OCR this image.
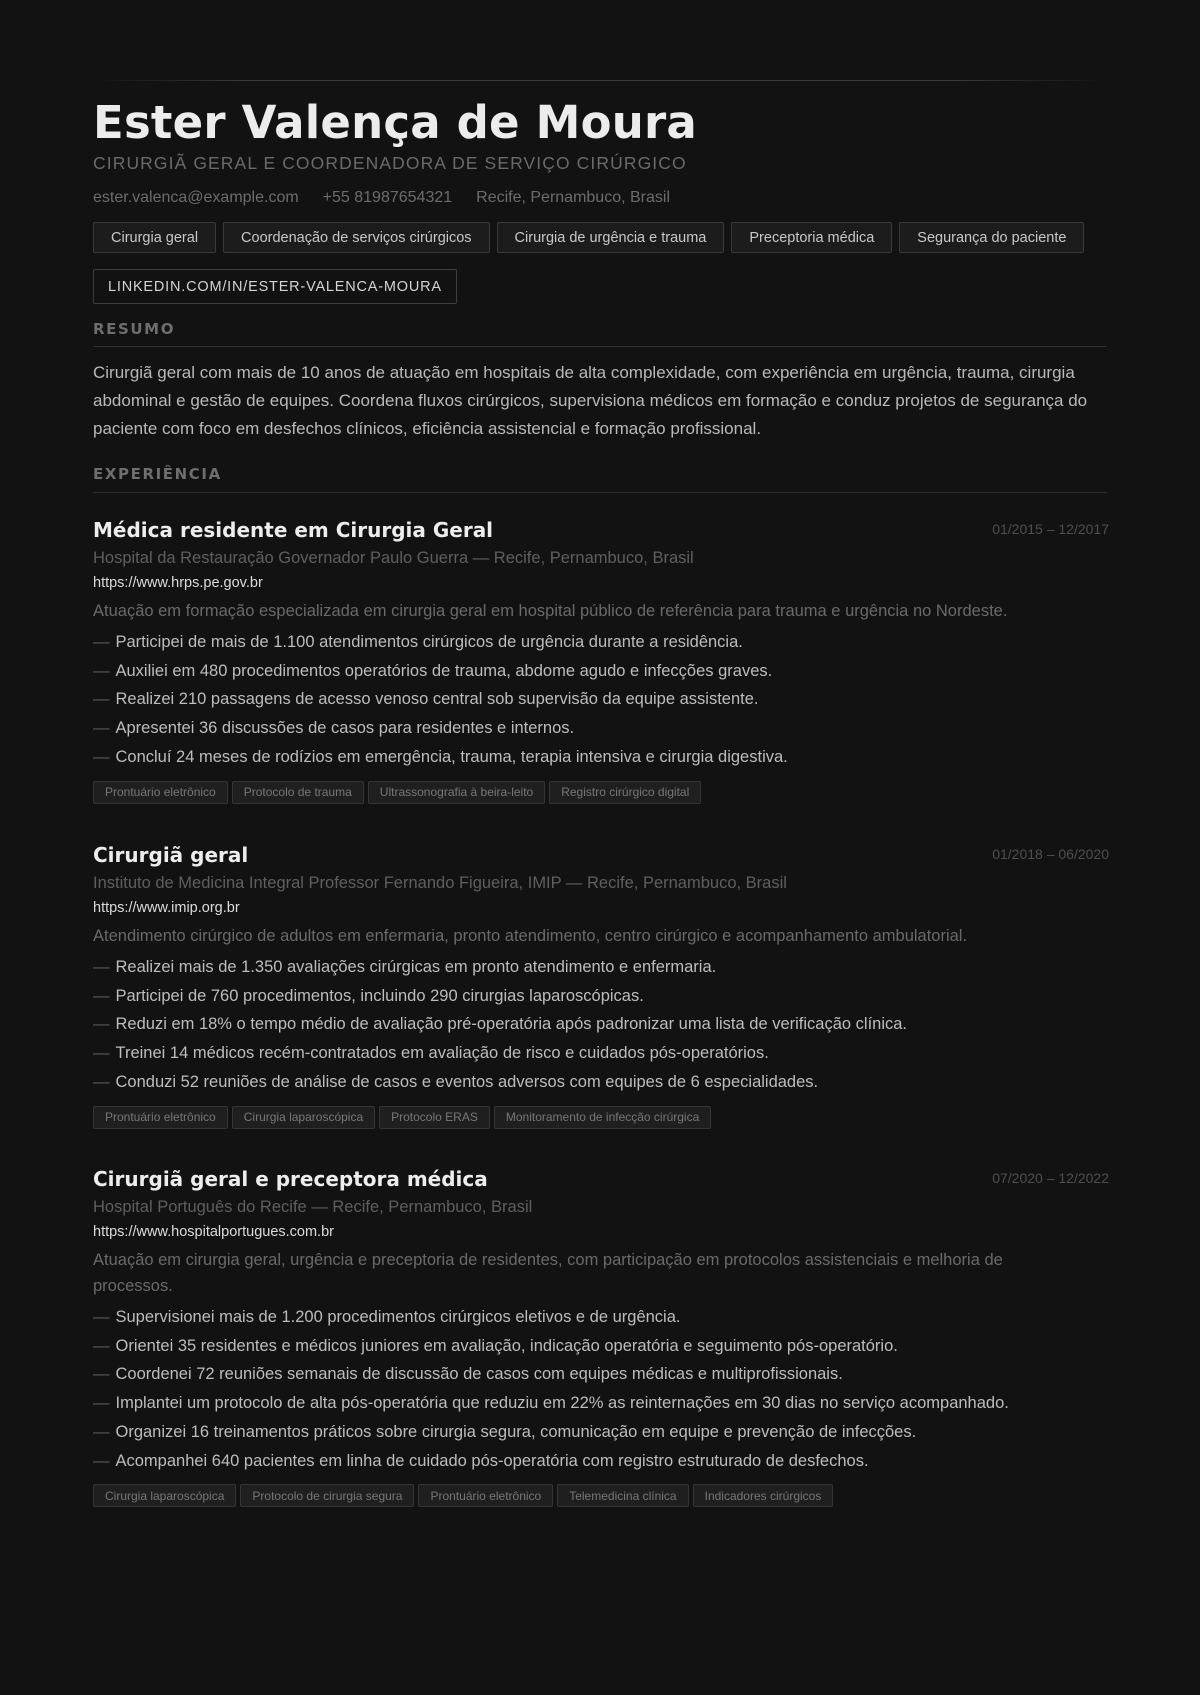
Ester Valença de Moura
CIRURGIÃ GERAL E COORDENADORA DE SERVIÇO CIRÚRGICO
ester.valenca@example.com +55 81987654321 Recife, Pernambuco, Brasil
Cirurgia geral	Coordenação de serviços cirúrgicos	Cirurgia de urgência e trauma	Preceptoria médica	Segurança do paciente
LINKEDIN.COM/IN/ESTER-VALENCA-MOURA
RESUMO

Cirurgiã geral com mais de 10 anos de atuação em hospitais de alta complexidade, com experiência em urgência, trauma, cirurgia abdominal e gestão de equipes. Coordena fluxos cirúrgicos, supervisiona médicos em formação e conduz projetos de segurança do paciente com foco em desfechos clínicos, eficiência assistencial e formação profissional.

EXPERIÊNCIA
Médica residente em Cirurgia Geral	01/2015 – 12/2017
Hospital da Restauração Governador Paulo Guerra — Recife, Pernambuco, Brasil
https://www.hrps.pe.gov.br
Atuação em formação especializada em cirurgia geral em hospital público de referência para trauma e urgência no Nordeste.
— Participei de mais de 1.100 atendimentos cirúrgicos de urgência durante a residência.
— Auxiliei em 480 procedimentos operatórios de trauma, abdome agudo e infecções graves.
— Realizei 210 passagens de acesso venoso central sob supervisão da equipe assistente.
— Apresentei 36 discussões de casos para residentes e internos.
— Concluí 24 meses de rodízios em emergência, trauma, terapia intensiva e cirurgia digestiva.
Prontuário eletrônico	Protocolo de trauma	Ultrassonografia à beira-leito	Registro cirúrgico digital
Cirurgiã geral	01/2018 – 06/2020
Instituto de Medicina Integral Professor Fernando Figueira, IMIP — Recife, Pernambuco, Brasil
https://www.imip.org.br
Atendimento cirúrgico de adultos em enfermaria, pronto atendimento, centro cirúrgico e acompanhamento ambulatorial.
— Realizei mais de 1.350 avaliações cirúrgicas em pronto atendimento e enfermaria.
— Participei de 760 procedimentos, incluindo 290 cirurgias laparoscópicas.
— Reduzi em 18% o tempo médio de avaliação pré-operatória após padronizar uma lista de verificação clínica.
— Treinei 14 médicos recém-contratados em avaliação de risco e cuidados pós-operatórios.
— Conduzi 52 reuniões de análise de casos e eventos adversos com equipes de 6 especialidades.
Prontuário eletrônico	Cirurgia laparoscópica	Protocolo ERAS	Monitoramento de infecção cirúrgica
Cirurgiã geral e preceptora médica	07/2020 – 12/2022
Hospital Português do Recife — Recife, Pernambuco, Brasil
https://www.hospitalportugues.com.br
Atuação em cirurgia geral, urgência e preceptoria de residentes, com participação em protocolos assistenciais e melhoria de processos.
— Supervisionei mais de 1.200 procedimentos cirúrgicos eletivos e de urgência.
— Orientei 35 residentes e médicos juniores em avaliação, indicação operatória e seguimento pós-operatório.
— Coordenei 72 reuniões semanais de discussão de casos com equipes médicas e multiprofissionais.
— Implantei um protocolo de alta pós-operatória que reduziu em 22% as reinternações em 30 dias no serviço acompanhado.
— Organizei 16 treinamentos práticos sobre cirurgia segura, comunicação em equipe e prevenção de infecções.
— Acompanhei 640 pacientes em linha de cuidado pós-operatória com registro estruturado de desfechos.
Cirurgia laparoscópica	Protocolo de cirurgia segura	Prontuário eletrônico	Telemedicina clínica	Indicadores cirúrgicos
